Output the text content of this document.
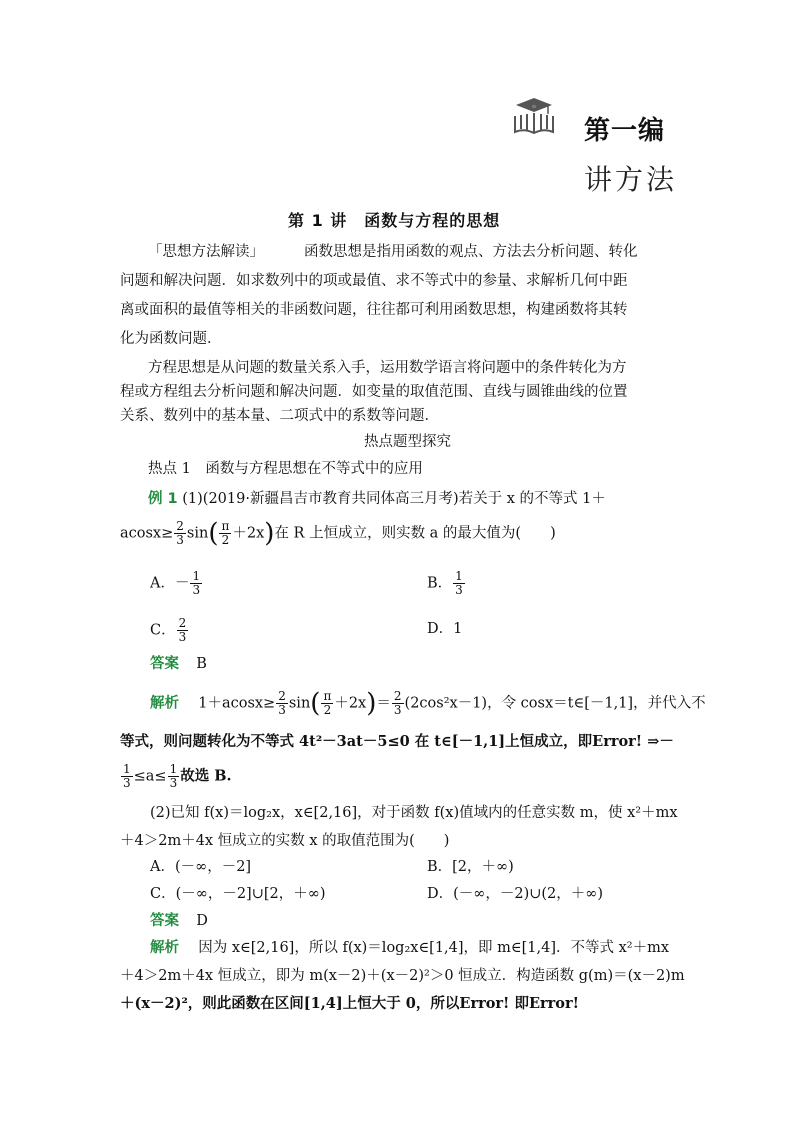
第一编
讲方法
第 1 讲　函数与方程的思想
「思想方法解读」	函数思想是指用函数的观点、方法去分析问题、转化
问题和解决问题．如求数列中的项或最值、求不等式中的参量、求解析几何中距
离或面积的最值等相关的非函数问题，往往都可利用函数思想，构建函数将其转
化为函数问题．
方程思想是从问题的数量关系入手，运用数学语言将问题中的条件转化为方
程或方程组去分析问题和解决问题．如变量的取值范围、直线与圆锥曲线的位置
关系、数列中的基本量、二项式中的系数等问题．
热点题型探究
热点 1　函数与方程思想在不等式中的应用
例 1 (1)(2019·新疆昌吉市教育共同体高三月考)若关于 x 的不等式 1＋
$acosx\ge \frac{2}{3} \sin( \frac{\pi}{2} +2x)$在 R 上恒成立，则实数 a 的最大值为(　　)
A．－ $\frac{1}{3}$	B． $\frac{1}{3}$
C． $\frac{2}{3}$	D．1
答案 B
解析 $1+acosx\ge \frac{2}{3} \sin( \frac{\pi}{2} +2x)= \frac{2}{3} (2\cos^2x-1)$，令 cosx＝t∈[－1,1]，并代入不
等式，则问题转化为不等式 4t²－3at－5≤0 在 t∈[－1,1]上恒成立，即Error! ⇒－
$\frac{1}{3} \le a\le \frac{1}{3}$ 故选 B.
(2)已知 f(x)＝log₂x，x∈[2,16]，对于函数 f(x)值域内的任意实数 m，使 x²＋mx
＋4＞2m＋4x 恒成立的实数 x 的取值范围为(　　)
A．(－∞，－2]	B．[2，＋∞)
C．(－∞，－2]∪[2，＋∞)	D．(－∞，－2)∪(2，＋∞)
答案 D
解析 因为 x∈[2,16]，所以 f(x)＝log₂x∈[1,4]，即 m∈[1,4]．不等式 x²＋mx
＋4＞2m＋4x 恒成立，即为 m(x－2)＋(x－2)²＞0 恒成立．构造函数 g(m)＝(x－2)m
＋(x－2)²，则此函数在区间[1,4]上恒大于 0，所以Error! 即Error!
